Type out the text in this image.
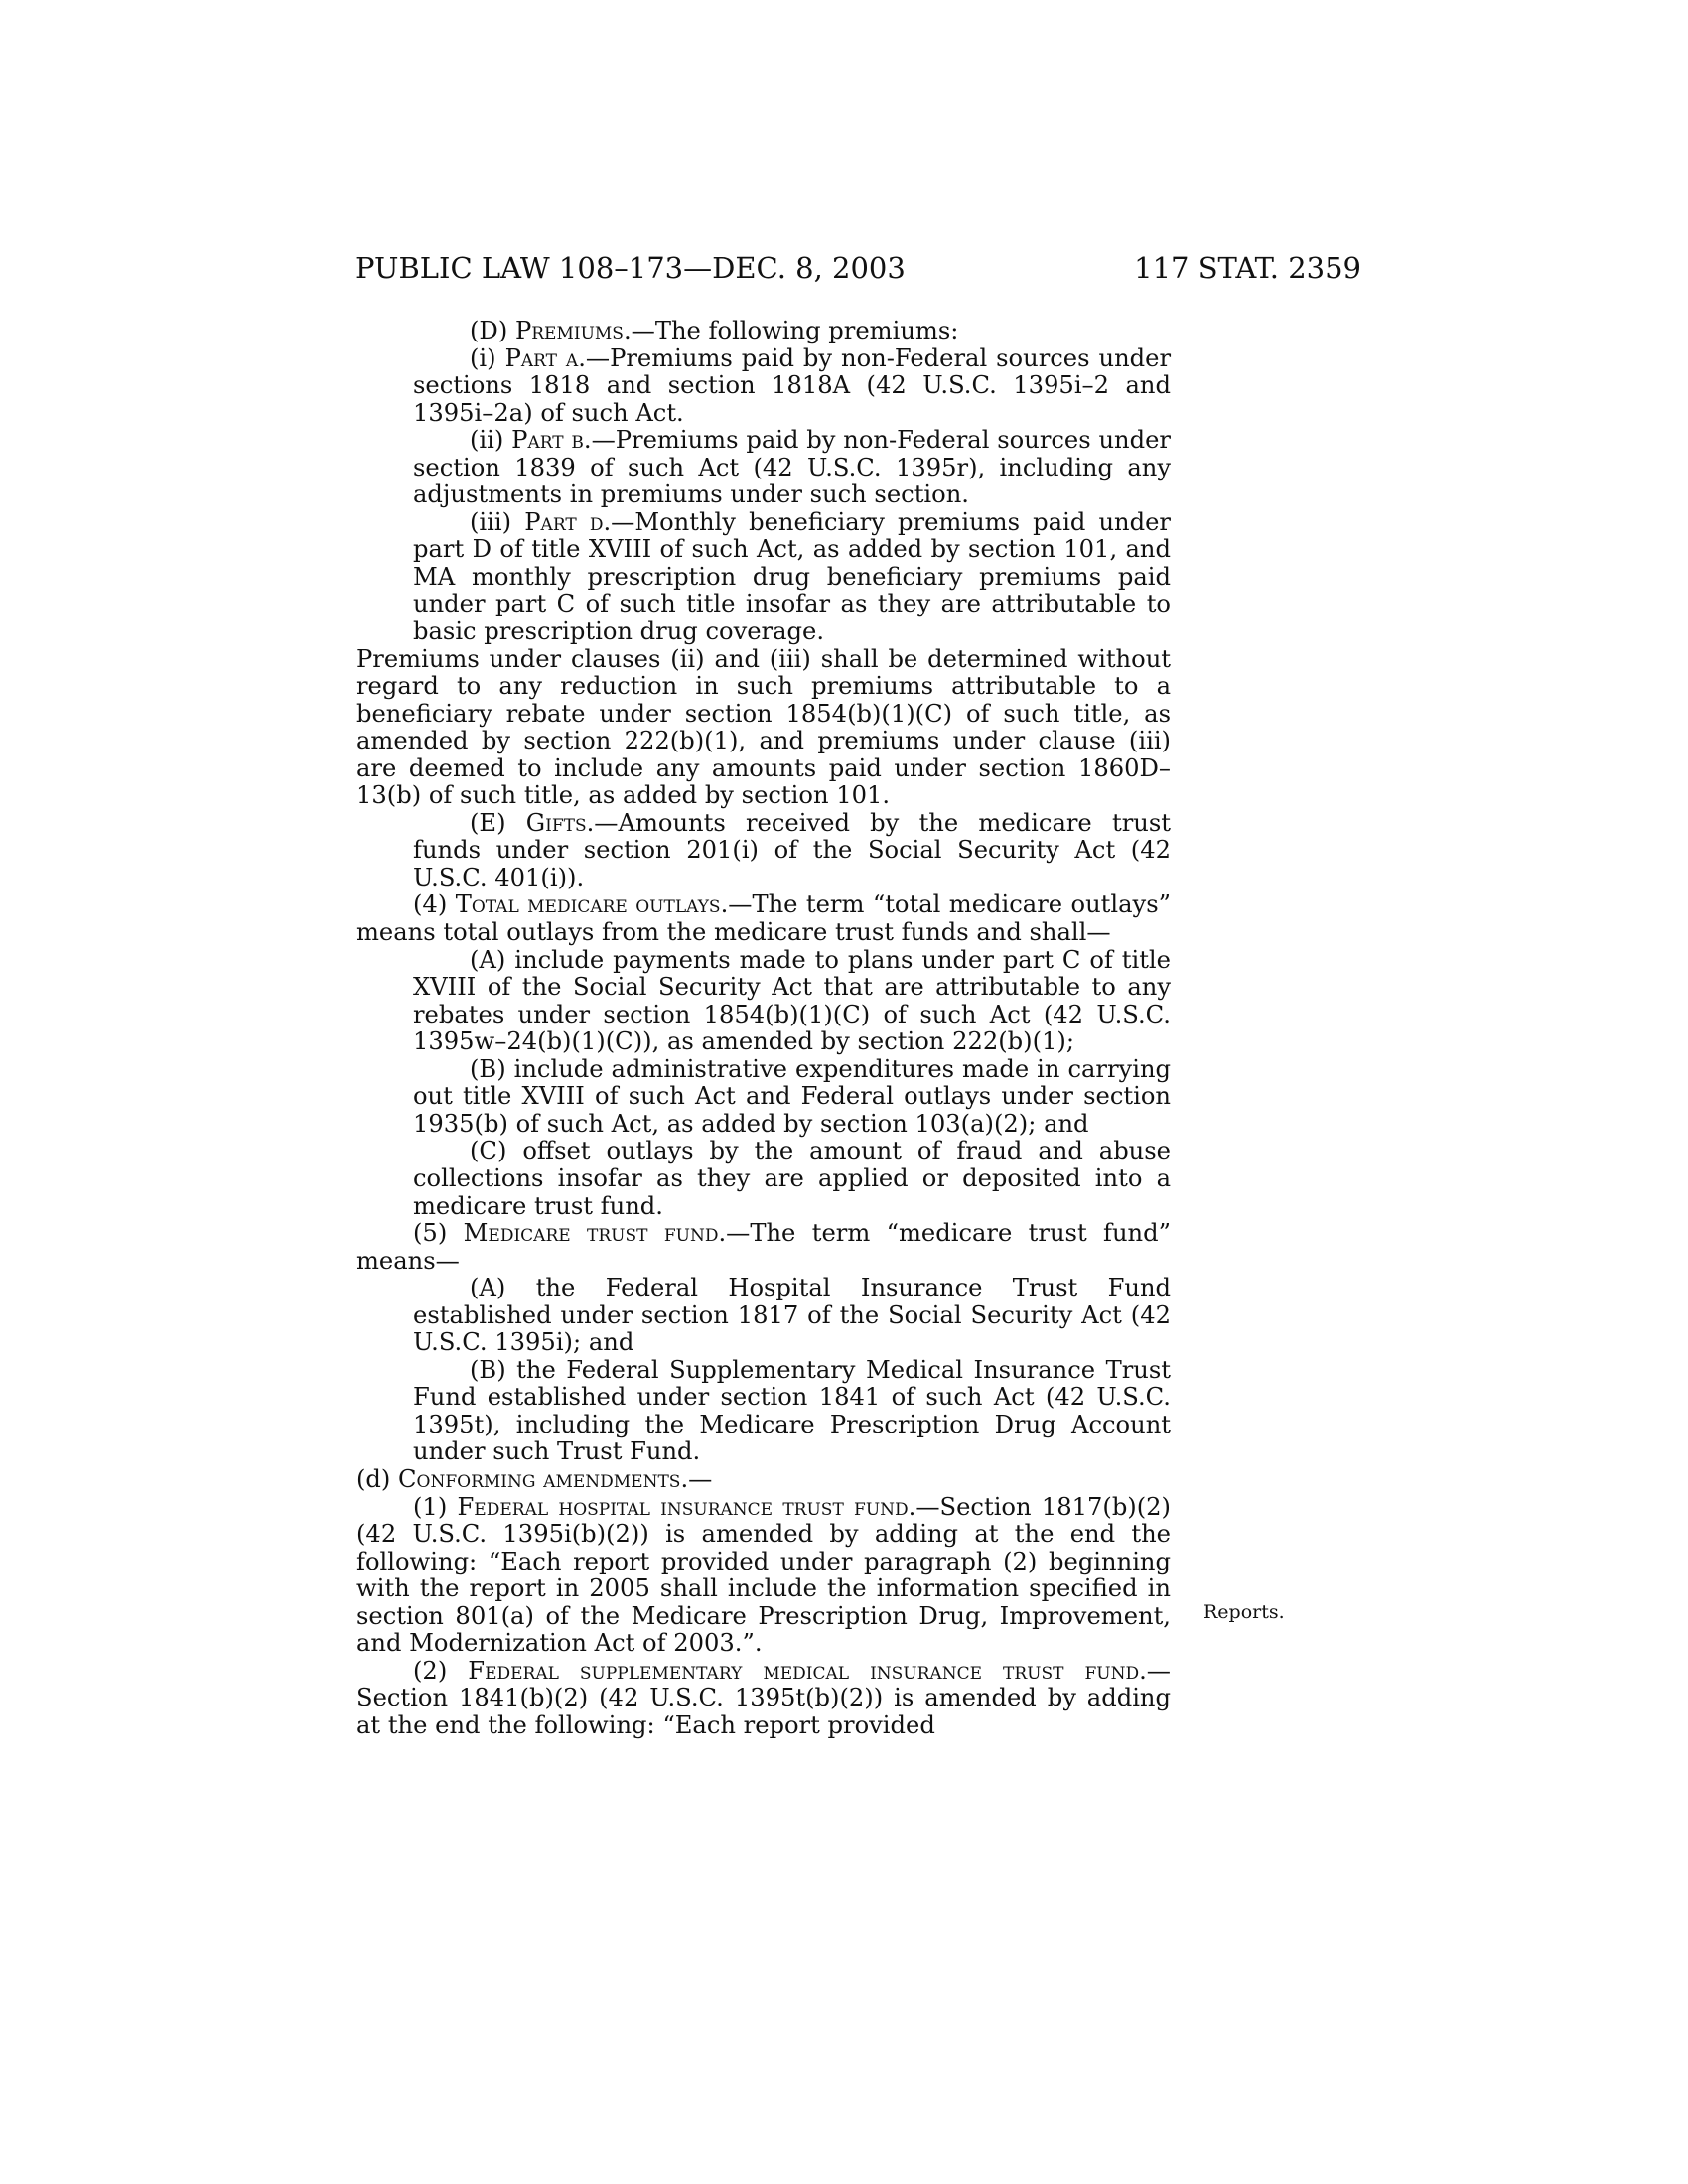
PUBLIC LAW 108–173—DEC. 8, 2003	117 STAT. 2359
Reports.

(D) Premiums.—The following premiums:

(i) Part a.—Premiums paid by non-Federal sources under sections 1818 and section 1818A (42 U.S.C. 1395i–2 and 1395i–2a) of such Act.

(ii) Part b.—Premiums paid by non-Federal sources under section 1839 of such Act (42 U.S.C. 1395r), including any adjustments in premiums under such section.

(iii) Part d.—Monthly beneficiary premiums paid under part D of title XVIII of such Act, as added by section 101, and MA monthly prescription drug beneficiary premiums paid under part C of such title insofar as they are attributable to basic prescription drug coverage.

Premiums under clauses (ii) and (iii) shall be determined without regard to any reduction in such premiums attributable to a beneficiary rebate under section 1854(b)(1)(C) of such title, as amended by section 222(b)(1), and premiums under clause (iii) are deemed to include any amounts paid under section 1860D–13(b) of such title, as added by section 101.

(E) Gifts.—Amounts received by the medicare trust funds under section 201(i) of the Social Security Act (42 U.S.C. 401(i)).

(4) Total medicare outlays.—The term “total medicare outlays” means total outlays from the medicare trust funds and shall—

(A) include payments made to plans under part C of title XVIII of the Social Security Act that are attributable to any rebates under section 1854(b)(1)(C) of such Act (42 U.S.C. 1395w–24(b)(1)(C)), as amended by section 222(b)(1);

(B) include administrative expenditures made in carrying out title XVIII of such Act and Federal outlays under section 1935(b) of such Act, as added by section 103(a)(2); and

(C) offset outlays by the amount of fraud and abuse collections insofar as they are applied or deposited into a medicare trust fund.

(5) Medicare trust fund.—The term “medicare trust fund” means—

(A) the Federal Hospital Insurance Trust Fund established under section 1817 of the Social Security Act (42 U.S.C. 1395i); and

(B) the Federal Supplementary Medical Insurance Trust Fund established under section 1841 of such Act (42 U.S.C. 1395t), including the Medicare Prescription Drug Account under such Trust Fund.

(d) Conforming amendments.—

(1) Federal hospital insurance trust fund.—Section 1817(b)(2) (42 U.S.C. 1395i(b)(2)) is amended by adding at the end the following: “Each report provided under paragraph (2) beginning with the report in 2005 shall include the information specified in section 801(a) of the Medicare Prescription Drug, Improvement, and Modernization Act of 2003.”.

(2) Federal supplementary medical insurance trust fund.—Section 1841(b)(2) (42 U.S.C. 1395t(b)(2)) is amended by adding at the end the following: “Each report provided
